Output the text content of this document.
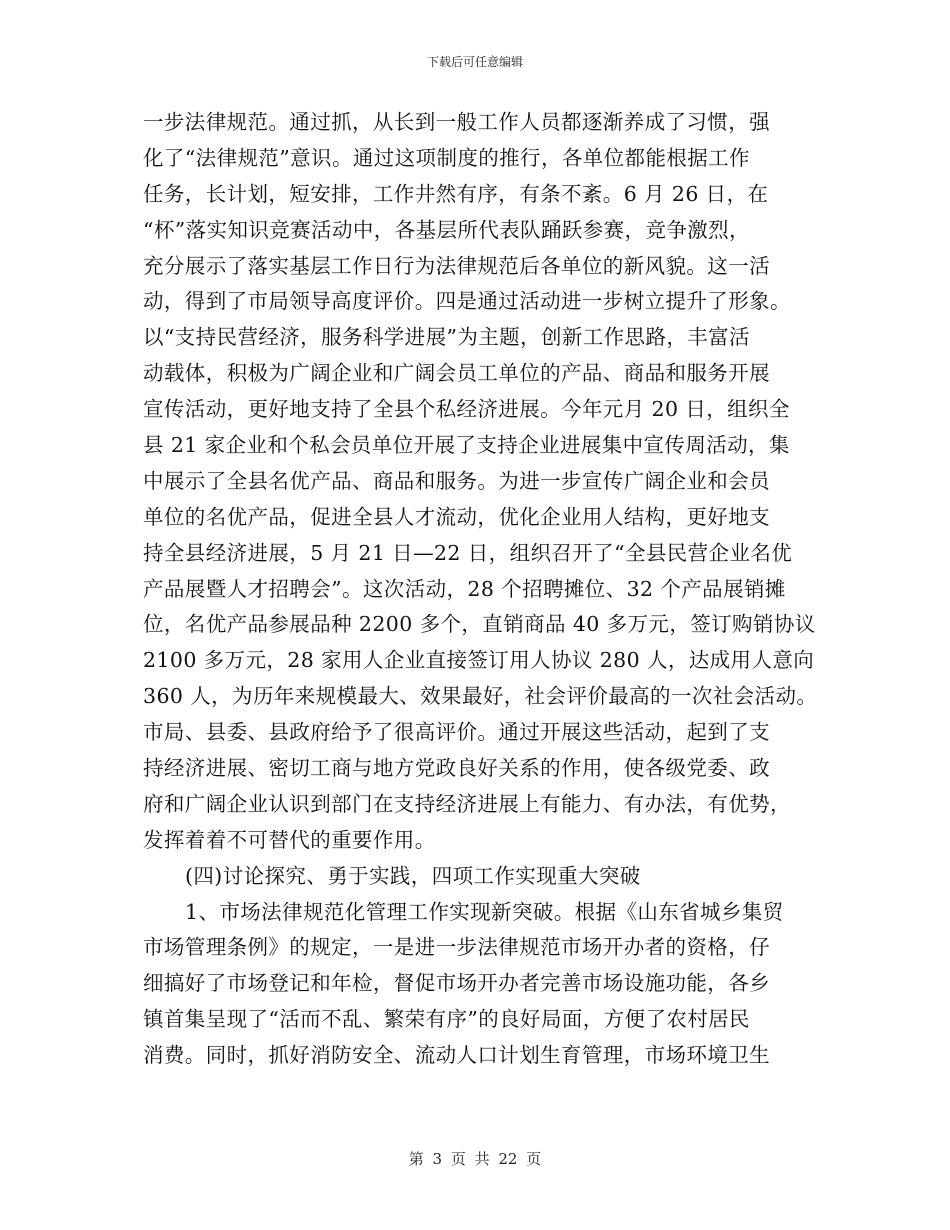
下载后可任意编辑
一步法律规范。通过抓，从长到一般工作人员都逐渐养成了习惯，强
化了“法律规范”意识。通过这项制度的推行，各单位都能根据工作
任务，长计划，短安排，工作井然有序，有条不紊。6 月 26 日，在
“杯”落实知识竞赛活动中，各基层所代表队踊跃参赛，竞争激烈，
充分展示了落实基层工作日行为法律规范后各单位的新风貌。这一活
动，得到了市局领导高度评价。四是通过活动进一步树立提升了形象。
以“支持民营经济，服务科学进展”为主题，创新工作思路，丰富活
动载体，积极为广阔企业和广阔会员工单位的产品、商品和服务开展
宣传活动，更好地支持了全县个私经济进展。今年元月 20 日，组织全
县 21 家企业和个私会员单位开展了支持企业进展集中宣传周活动，集
中展示了全县名优产品、商品和服务。为进一步宣传广阔企业和会员
单位的名优产品，促进全县人才流动，优化企业用人结构，更好地支
持全县经济进展，5 月 21 日—22 日，组织召开了“全县民营企业名优
产品展暨人才招聘会”。这次活动，28 个招聘摊位、32 个产品展销摊
位，名优产品参展品种 2200 多个，直销商品 40 多万元，签订购销协议
2100 多万元，28 家用人企业直接签订用人协议 280 人，达成用人意向
360 人，为历年来规模最大、效果最好，社会评价最高的一次社会活动。
市局、县委、县政府给予了很高评价。通过开展这些活动，起到了支
持经济进展、密切工商与地方党政良好关系的作用，使各级党委、政
府和广阔企业认识到部门在支持经济进展上有能力、有办法，有优势，
发挥着着不可替代的重要作用。
(四)讨论探究、勇于实践，四项工作实现重大突破
1、市场法律规范化管理工作实现新突破。根据《山东省城乡集贸
市场管理条例》的规定，一是进一步法律规范市场开办者的资格，仔
细搞好了市场登记和年检，督促市场开办者完善市场设施功能，各乡
镇首集呈现了“活而不乱、繁荣有序”的良好局面，方便了农村居民
消费。同时，抓好消防安全、流动人口计划生育管理，市场环境卫生
第 3 页 共 22 页
